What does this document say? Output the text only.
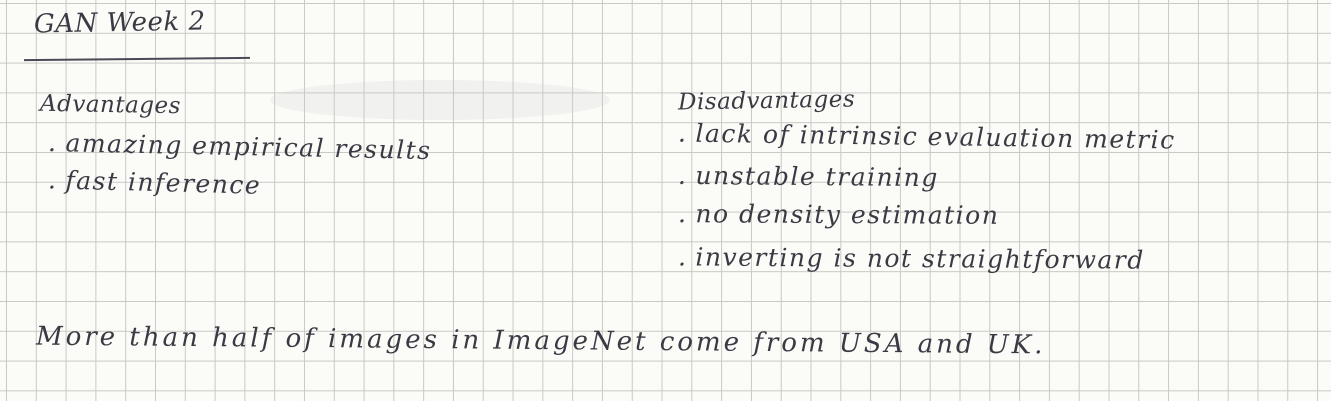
GAN Week 2

Advantages

. amazing empirical results

. fast inference

Disadvantages

. lack of intrinsic evaluation metric

. unstable training

. no density estimation

. inverting is not straightforward

More than half of images in ImageNet come from USA and UK.
